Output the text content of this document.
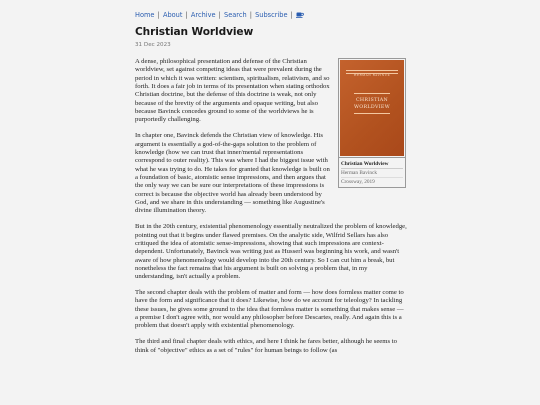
Home | About | Archive | Search | Subscribe |
Christian Worldview
31 Dec 2023
HERMAN BAVINCK
CHRISTIAN
WORLDVIEW
Christian Worldview
Herman Bavinck
Crossway, 2019

A dense, philosophical presentation and defense of the Christian worldview, set against competing ideas that were prevalent during the period in which it was written: scientism, spiritualism, relativism, and so forth. It does a fair job in terms of its presentation when stating orthodox Christian doctrine, but the defense of this doctrine is weak, not only because of the brevity of the arguments and opaque writing, but also because Bavinck concedes ground to some of the worldviews he is purportedly challenging.

In chapter one, Bavinck defends the Christian view of knowledge. His argument is essentially a god-of-the-gaps solution to the problem of knowledge (how we can trust that inner/mental representations correspond to outer reality). This was where I had the biggest issue with what he was trying to do. He takes for granted that knowledge is built on a foundation of basic, atomistic sense impressions, and then argues that the only way we can be sure our interpretations of these impressions is correct is because the objective world has already been understood by God, and we share in this understanding — something like Augustine's divine illumination theory.

But in the 20th century, existential phenomenology essentially neutralized the problem of knowledge, pointing out that it begins under flawed premises. On the analytic side, Wilfrid Sellars has also critiqued the idea of atomistic sense-impressions, showing that such impressions are context-dependent. Unfortunately, Bavinck was writing just as Husserl was beginning his work, and wasn't aware of how phenomenology would develop into the 20th century. So I can cut him a break, but nonetheless the fact remains that his argument is built on solving a problem that, in my understanding, isn't actually a problem.

The second chapter deals with the problem of matter and form — how does formless matter come to have the form and significance that it does? Likewise, how do we account for teleology? In tackling these issues, he gives some ground to the idea that formless matter is something that makes sense — a premise I don't agree with, nor would any philosopher before Descartes, really. And again this is a problem that doesn't apply with existential phenomenology.

The third and final chapter deals with ethics, and here I think he fares better, although he seems to think of "objective" ethics as a set of "rules" for human beings to follow (as
